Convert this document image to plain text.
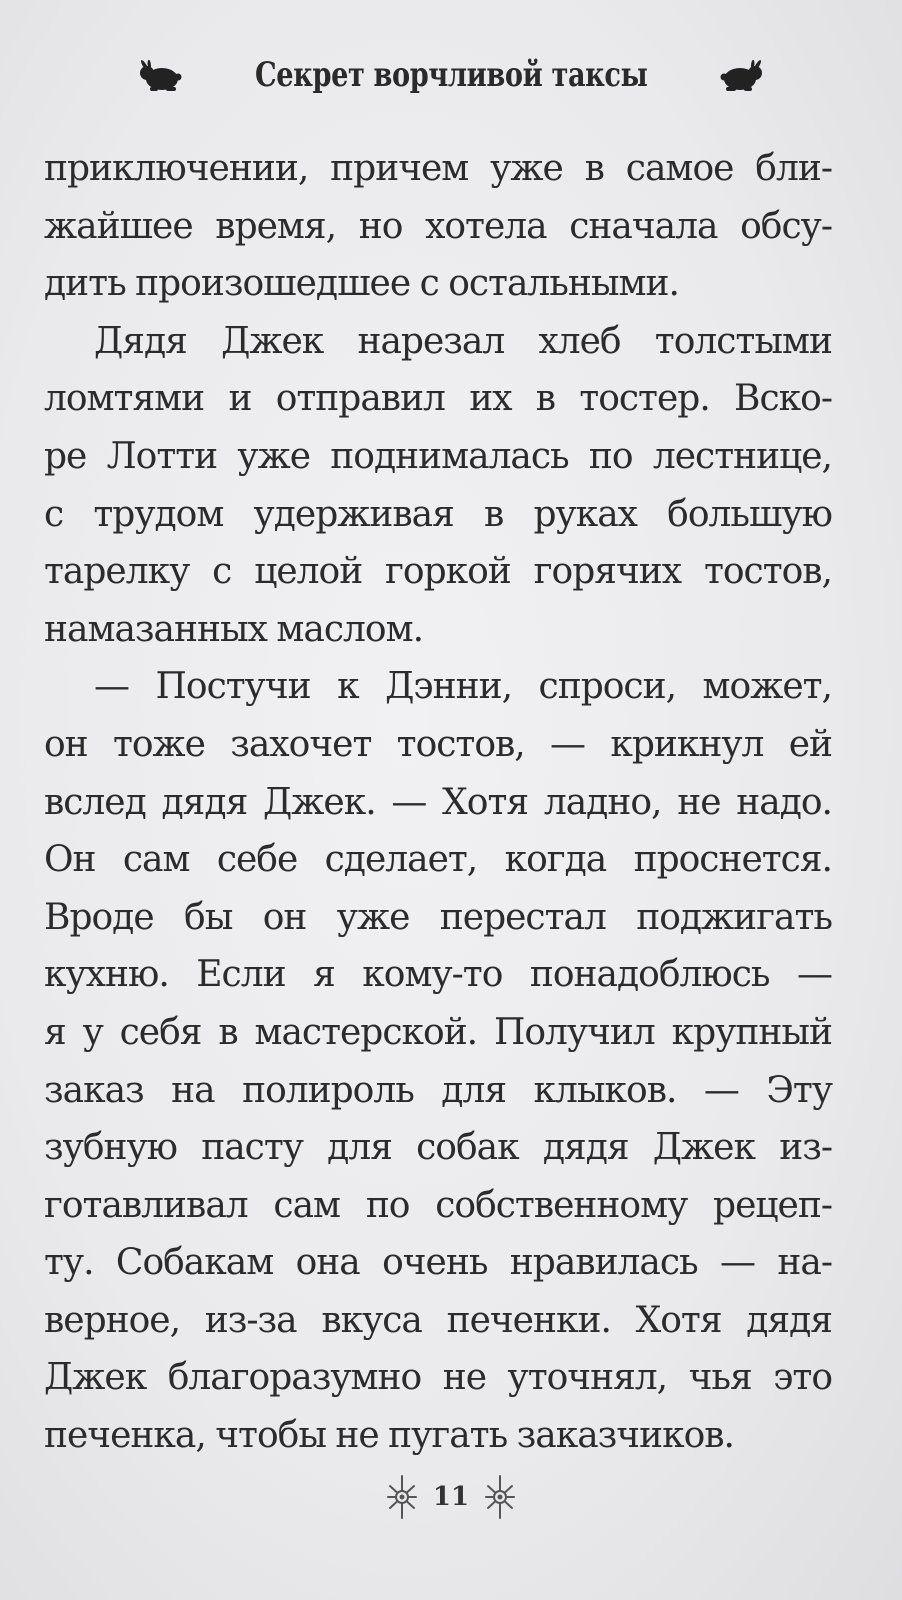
Секрет ворчливой таксы
приключении, причем уже в самое бли-
жайшее время, но хотела сначала обсу-
дить произошедшее с остальными.
Дядя Джек нарезал хлеб толстыми
ломтями и отправил их в тостер. Вско-
ре Лотти уже поднималась по лестнице,
с трудом удерживая в руках большую
тарелку с целой горкой горячих тостов,
намазанных маслом.
— Постучи к Дэнни, спроси, может,
он тоже захочет тостов, — крикнул ей
вслед дядя Джек. — Хотя ладно, не надо.
Он сам себе сделает, когда проснется.
Вроде бы он уже перестал поджигать
кухню. Если я кому-то понадоблюсь —
я у себя в мастерской. Получил крупный
заказ на полироль для клыков. — Эту
зубную пасту для собак дядя Джек из-
готавливал сам по собственному рецеп-
ту. Собакам она очень нравилась — на-
верное, из-за вкуса печенки. Хотя дядя
Джек благоразумно не уточнял, чья это
печенка, чтобы не пугать заказчиков.
11
